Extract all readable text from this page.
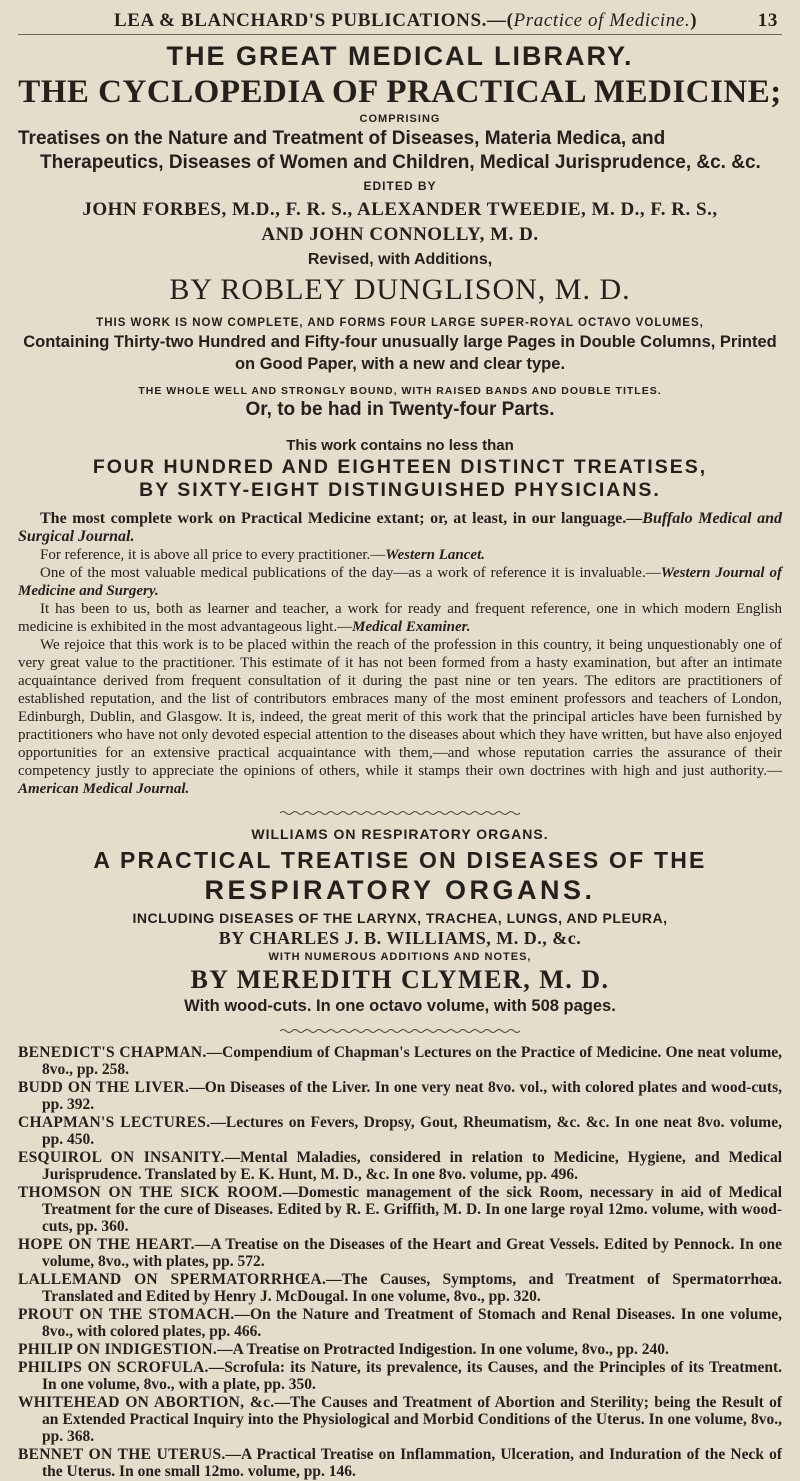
LEA & BLANCHARD'S PUBLICATIONS.—(Practice of Medicine.)	13
THE GREAT MEDICAL LIBRARY.
THE CYCLOPEDIA OF PRACTICAL MEDICINE;
COMPRISING
Treatises on the Nature and Treatment of Diseases, Materia Medica, and Therapeutics, Diseases of Women and Children, Medical Jurisprudence, &c. &c.
EDITED BY
JOHN FORBES, M.D., F. R. S., ALEXANDER TWEEDIE, M. D., F. R. S.,
AND JOHN CONNOLLY, M. D.
Revised, with Additions,
BY ROBLEY DUNGLISON, M. D.
THIS WORK IS NOW COMPLETE, AND FORMS FOUR LARGE SUPER-ROYAL OCTAVO VOLUMES,
Containing Thirty-two Hundred and Fifty-four unusually large Pages in Double Columns, Printed on Good Paper, with a new and clear type.
THE WHOLE WELL AND STRONGLY BOUND, WITH RAISED BANDS AND DOUBLE TITLES.
Or, to be had in Twenty-four Parts.
This work contains no less than
FOUR HUNDRED AND EIGHTEEN DISTINCT TREATISES,
BY SIXTY-EIGHT DISTINGUISHED PHYSICIANS.

The most complete work on Practical Medicine extant; or, at least, in our language.—Buffalo Medical and Surgical Journal.

For reference, it is above all price to every practitioner.—Western Lancet.

One of the most valuable medical publications of the day—as a work of reference it is invaluable.—Western Journal of Medicine and Surgery.

It has been to us, both as learner and teacher, a work for ready and frequent reference, one in which modern English medicine is exhibited in the most advantageous light.—Medical Examiner.

We rejoice that this work is to be placed within the reach of the profession in this country, it being unquestionably one of very great value to the practitioner. This estimate of it has not been formed from a hasty examination, but after an intimate acquaintance derived from frequent consultation of it during the past nine or ten years. The editors are practitioners of established reputation, and the list of contributors embraces many of the most eminent professors and teachers of London, Edinburgh, Dublin, and Glasgow. It is, indeed, the great merit of this work that the principal articles have been furnished by practitioners who have not only devoted especial attention to the diseases about which they have written, but have also enjoyed opportunities for an extensive practical acquaintance with them,—and whose reputation carries the assurance of their competency justly to appreciate the opinions of others, while it stamps their own doctrines with high and just authority.—American Medical Journal.

WILLIAMS ON RESPIRATORY ORGANS.
A PRACTICAL TREATISE ON DISEASES OF THE
RESPIRATORY ORGANS.
INCLUDING DISEASES OF THE LARYNX, TRACHEA, LUNGS, AND PLEURA,
BY CHARLES J. B. WILLIAMS, M. D., &c.
WITH NUMEROUS ADDITIONS AND NOTES,
BY MEREDITH CLYMER, M. D.
With wood-cuts. In one octavo volume, with 508 pages.

BENEDICT'S CHAPMAN.—Compendium of Chapman's Lectures on the Practice of Medicine. One neat volume, 8vo., pp. 258.

BUDD ON THE LIVER.—On Diseases of the Liver. In one very neat 8vo. vol., with colored plates and wood-cuts, pp. 392.

CHAPMAN'S LECTURES.—Lectures on Fevers, Dropsy, Gout, Rheumatism, &c. &c. In one neat 8vo. volume, pp. 450.

ESQUIROL ON INSANITY.—Mental Maladies, considered in relation to Medicine, Hygiene, and Medical Jurisprudence. Translated by E. K. Hunt, M. D., &c. In one 8vo. volume, pp. 496.

THOMSON ON THE SICK ROOM.—Domestic management of the sick Room, necessary in aid of Medical Treatment for the cure of Diseases. Edited by R. E. Griffith, M. D. In one large royal 12mo. volume, with wood-cuts, pp. 360.

HOPE ON THE HEART.—A Treatise on the Diseases of the Heart and Great Vessels. Edited by Pennock. In one volume, 8vo., with plates, pp. 572.

LALLEMAND ON SPERMATORRHŒA.—The Causes, Symptoms, and Treatment of Spermatorrhœa. Translated and Edited by Henry J. McDougal. In one volume, 8vo., pp. 320.

PROUT ON THE STOMACH.—On the Nature and Treatment of Stomach and Renal Diseases. In one volume, 8vo., with colored plates, pp. 466.

PHILIP ON INDIGESTION.—A Treatise on Protracted Indigestion. In one volume, 8vo., pp. 240.

PHILIPS ON SCROFULA.—Scrofula: its Nature, its prevalence, its Causes, and the Principles of its Treatment. In one volume, 8vo., with a plate, pp. 350.

WHITEHEAD ON ABORTION, &c.—The Causes and Treatment of Abortion and Sterility; being the Result of an Extended Practical Inquiry into the Physiological and Morbid Conditions of the Uterus. In one volume, 8vo., pp. 368.

BENNET ON THE UTERUS.—A Practical Treatise on Inflammation, Ulceration, and Induration of the Neck of the Uterus. In one small 12mo. volume, pp. 146.
